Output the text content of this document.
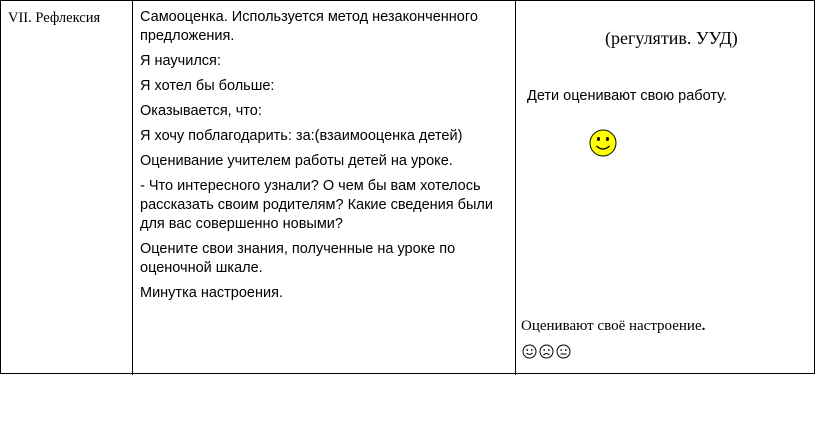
VII. Рефлексия	Самооценка. Используется метод незаконченного предложения.

Я научился:

Я хотел бы больше:

Оказывается, что:

Я хочу поблагодарить: за:(взаимооценка детей)

Оценивание учителем работы детей на уроке.

- Что интересного узнали? О чем бы вам хотелось рассказать своим родителям? Какие сведения были для вас совершенно новыми?

Оцените свои знания, полученные на уроке по оценочной шкале.

Минутка настроения.

(регулятив. УУД)
Дети оценивают свою работу.
Оценивают своё настроение.
